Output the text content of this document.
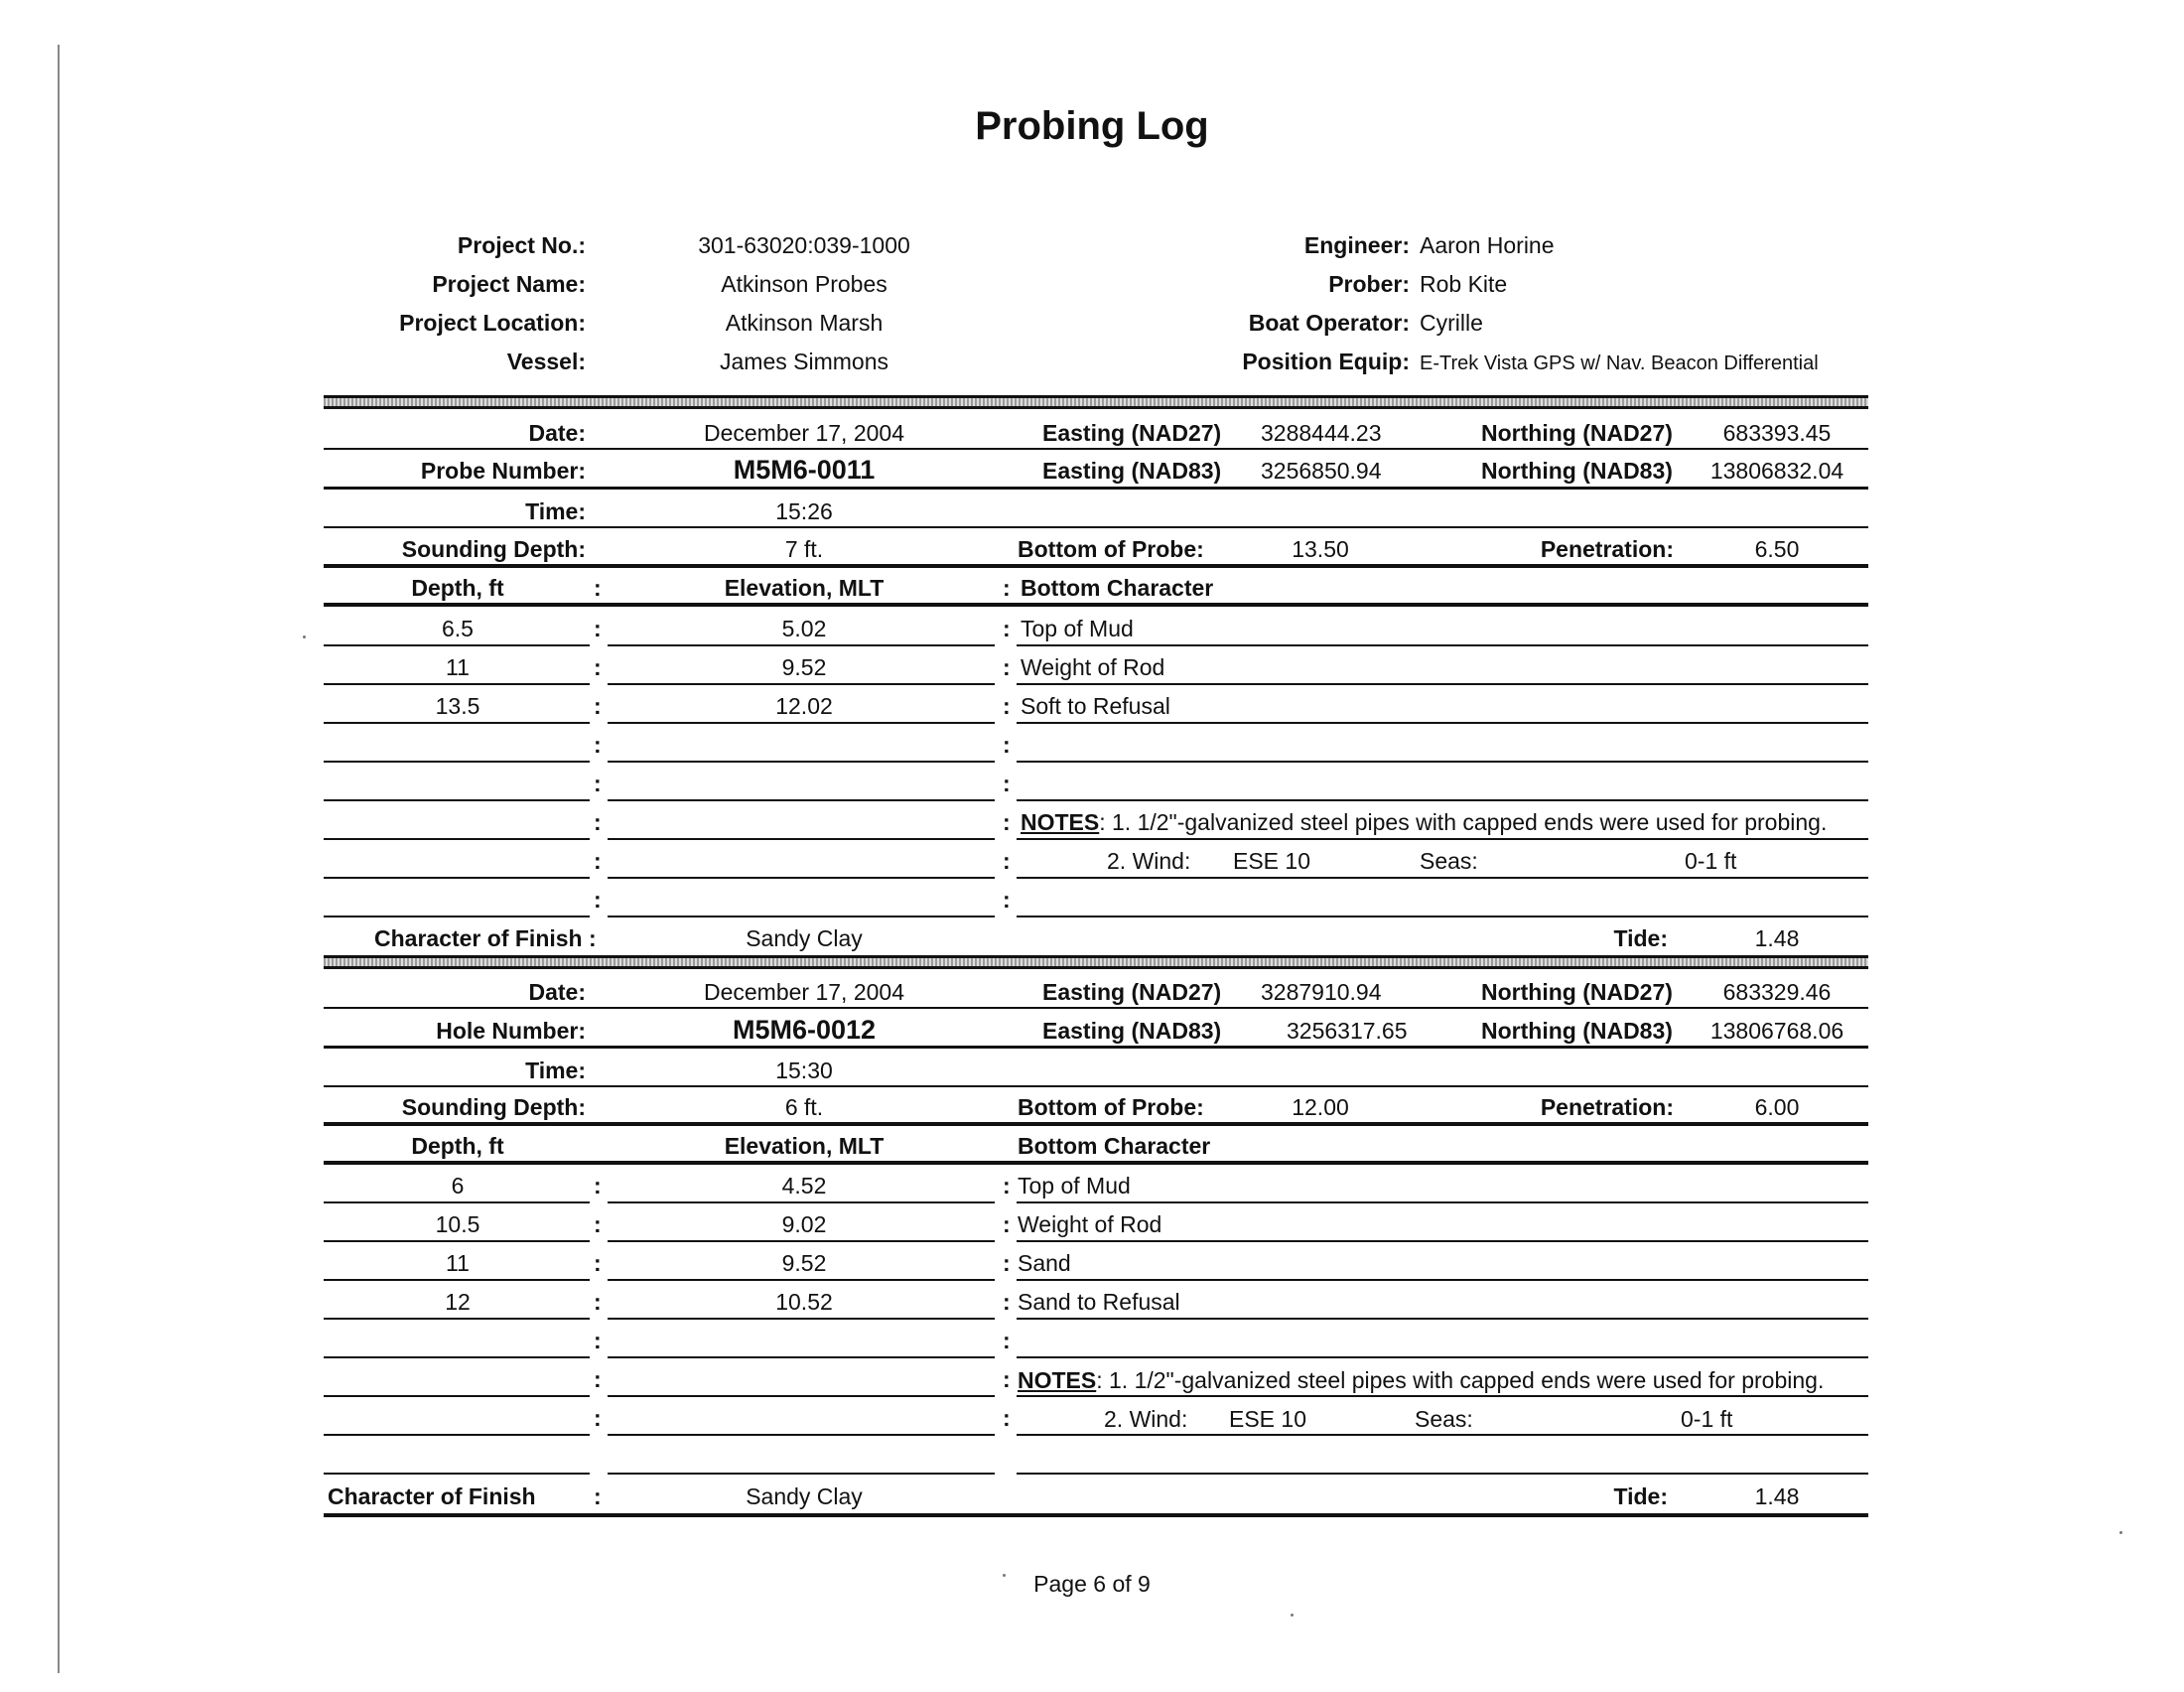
Probing Log
Project No.:	301-63020:039-1000
Project Name:	Atkinson Probes
Project Location:	Atkinson Marsh
Vessel:	James Simmons
Engineer: Aaron Horine
Prober: Rob Kite
Boat Operator: Cyrille
Position Equip: E-Trek Vista GPS w/ Nav. Beacon Differential
Date:	December 17, 2004	Easting (NAD27) 3288444.23	Northing (NAD27)	683393.45
Probe Number:	M5M6-0011	Easting (NAD83) 3256850.94	Northing (NAD83)	13806832.04
Time:	15:26
Sounding Depth:	7 ft.	Bottom of Probe:	13.50	Penetration:	6.50
Depth, ft	:	Elevation, MLT	: Bottom Character
6.5	5.02	Top of Mud
11	9.52	Weight of Rod
13.5	12.02	Soft to Refusal
NOTES: 1. 1/2"-galvanized steel pipes with capped ends were used for probing.
2. Wind: ESE 10	Seas:	0-1 ft
Character of Finish :	Sandy Clay	Tide:	1.48
Date:	December 17, 2004	Easting (NAD27) 3287910.94	Northing (NAD27)	683329.46
Hole Number:	M5M6-0012	Easting (NAD83)	3256317.65	Northing (NAD83)	13806768.06
Time:	15:30
Sounding Depth:	6 ft.	Bottom of Probe:	12.00	Penetration:	6.00
Depth, ft	Elevation, MLT	Bottom Character
6	4.52	Top of Mud
10.5	9.02	Weight of Rod
11	9.52	Sand
12	10.52	Sand to Refusal
NOTES: 1. 1/2"-galvanized steel pipes with capped ends were used for probing.
2. Wind: ESE 10	Seas:	0-1 ft
Character of Finish	:	Sandy Clay	Tide:	1.48
Page 6 of 9
:	:
:	:
:	:
:	:
:	:
:	:
:	:
:	:
:	:
:	:
:	:
:	:
:	:
:	:
:	:
